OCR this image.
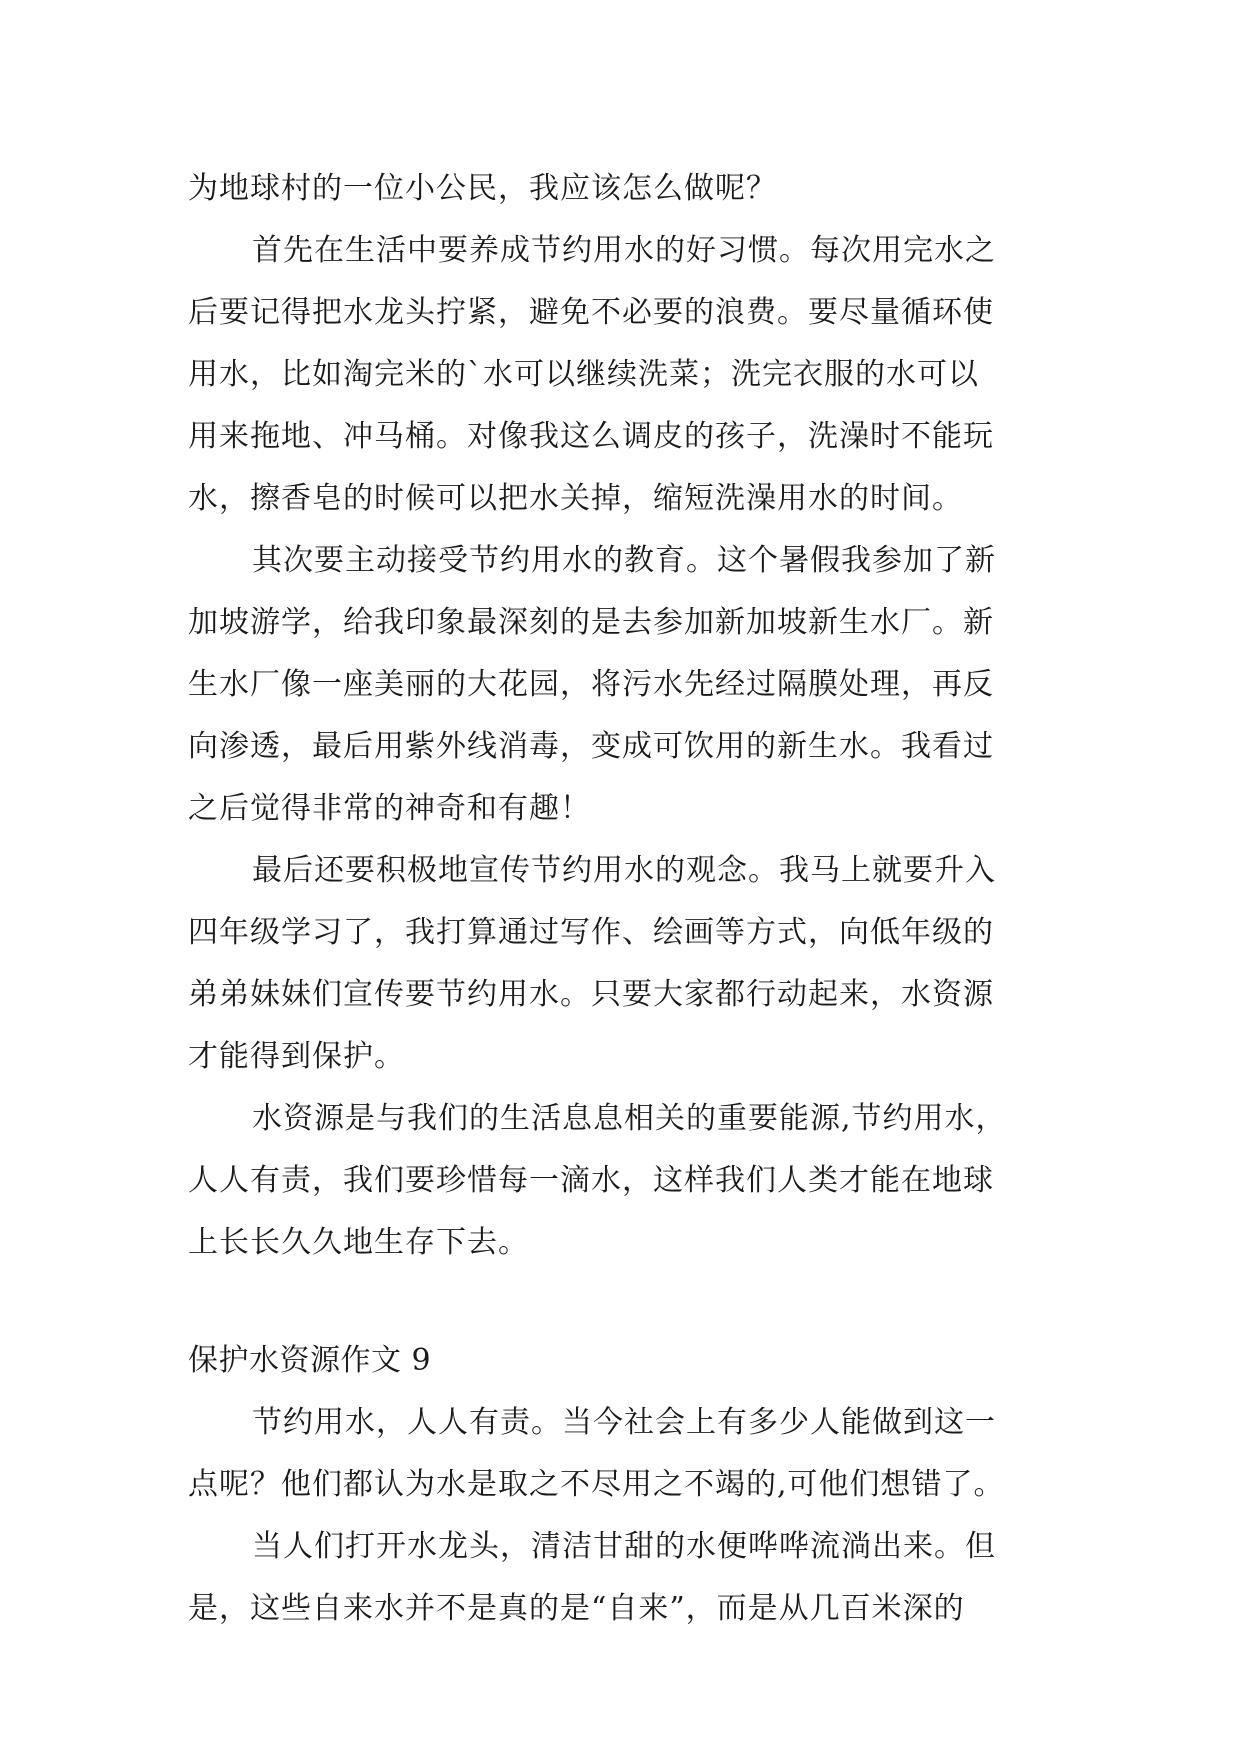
为地球村的一位小公民，我应该怎么做呢？
首先在生活中要养成节约用水的好习惯。每次用完水之
后要记得把水龙头拧紧，避免不必要的浪费。要尽量循环使
用水，比如淘完米的`水可以继续洗菜；洗完衣服的水可以
用来拖地、冲马桶。对像我这么调皮的孩子，洗澡时不能玩
水，擦香皂的时候可以把水关掉，缩短洗澡用水的时间。
其次要主动接受节约用水的教育。这个暑假我参加了新
加坡游学，给我印象最深刻的是去参加新加坡新生水厂。新
生水厂像一座美丽的大花园，将污水先经过隔膜处理，再反
向渗透，最后用紫外线消毒，变成可饮用的新生水。我看过
之后觉得非常的神奇和有趣！
最后还要积极地宣传节约用水的观念。我马上就要升入
四年级学习了，我打算通过写作、绘画等方式，向低年级的
弟弟妹妹们宣传要节约用水。只要大家都行动起来，水资源
才能得到保护。
水资源是与我们的生活息息相关的重要能源,节约用水，
人人有责，我们要珍惜每一滴水，这样我们人类才能在地球
上长长久久地生存下去。
保护水资源作文 9
节约用水，人人有责。当今社会上有多少人能做到这一
点呢？他们都认为水是取之不尽用之不竭的,可他们想错了。
当人们打开水龙头，清洁甘甜的水便哗哗流淌出来。但
是，这些自来水并不是真的是“自来”，而是从几百米深的
